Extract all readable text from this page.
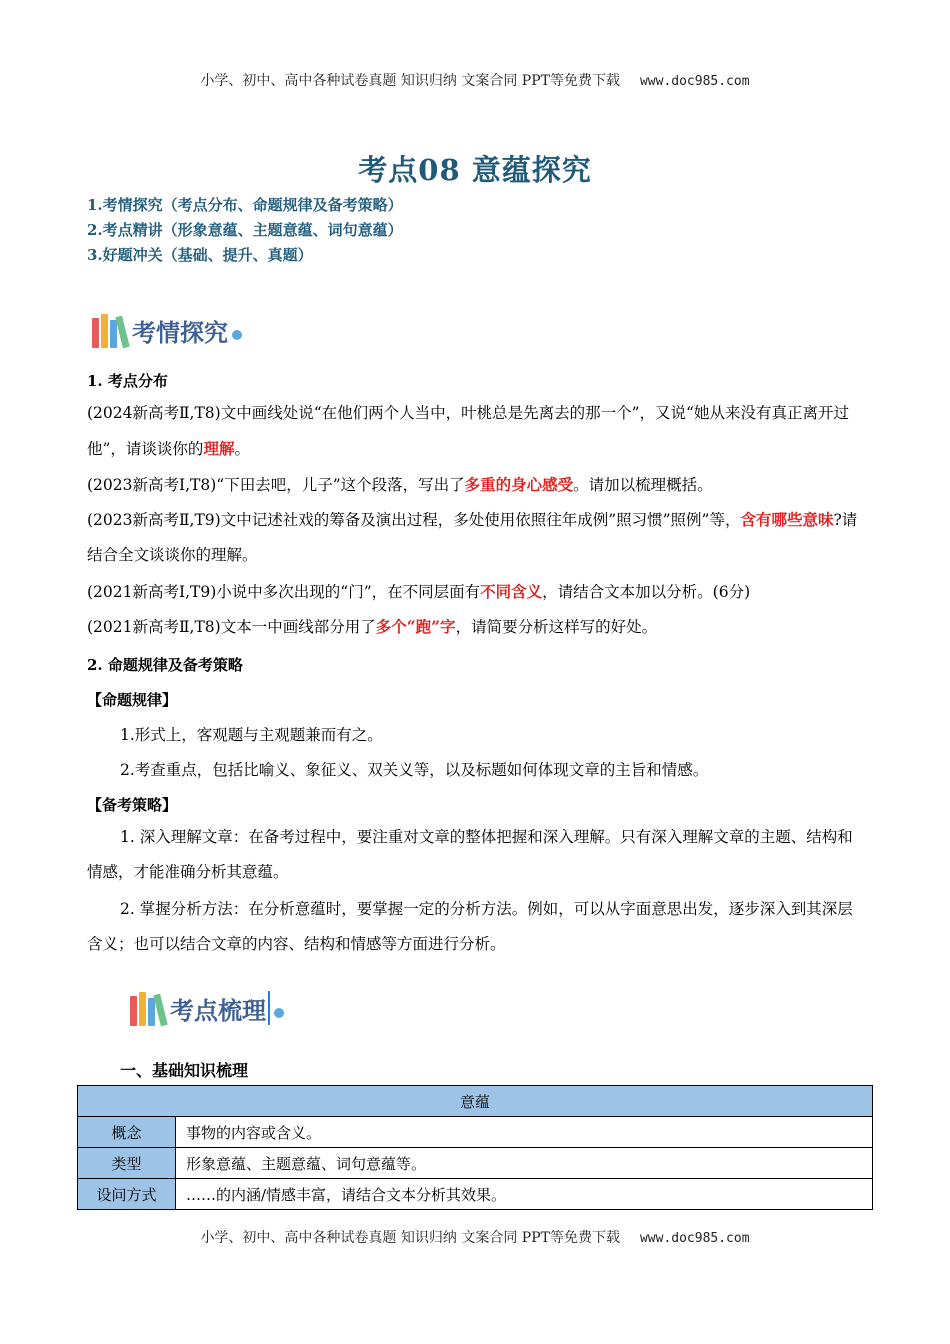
小学、初中、高中各种试卷真题 知识归纳 文案合同 PPT等免费下载 www.doc985.com
考点08 意蕴探究
1.考情探究（考点分布、命题规律及备考策略）
2.考点精讲（形象意蕴、主题意蕴、词句意蕴）
3.好题冲关（基础、提升、真题）
考情探究
1. 考点分布
(2024新高考Ⅱ,T8)文中画线处说“在他们两个人当中，叶桃总是先离去的那一个”，又说“她从来没有真正离开过他”，请谈谈你的理解。
(2023新高考I,T8)“下田去吧，儿子”这个段落，写出了多重的身心感受。请加以梳理概括。
(2023新高考Ⅱ,T9)文中记述社戏的筹备及演出过程，多处使用依照往年成例”照习惯”照例”等，含有哪些意味?请结合全文谈谈你的理解。
(2021新高考I,T9)小说中多次出现的“门”，在不同层面有不同含义，请结合文本加以分析。(6分)
(2021新高考Ⅱ,T8)文本一中画线部分用了多个“跑”字，请简要分析这样写的好处。
2. 命题规律及备考策略
【命题规律】
1.形式上，客观题与主观题兼而有之。
2.考查重点，包括比喻义、象征义、双关义等，以及标题如何体现文章的主旨和情感。
【备考策略】
1. 深入理解文章：在备考过程中，要注重对文章的整体把握和深入理解。只有深入理解文章的主题、结构和情感，才能准确分析其意蕴。
2. 掌握分析方法：在分析意蕴时，要掌握一定的分析方法。例如，可以从字面意思出发，逐步深入到其深层含义；也可以结合文章的内容、结构和情感等方面进行分析。
考点梳理
一、基础知识梳理
意蕴	
概念	事物的内容或含义。
类型	形象意蕴、主题意蕴、词句意蕴等。
设问方式	……的内涵/情感丰富，请结合文本分析其效果。
小学、初中、高中各种试卷真题 知识归纳 文案合同 PPT等免费下载 www.doc985.com
